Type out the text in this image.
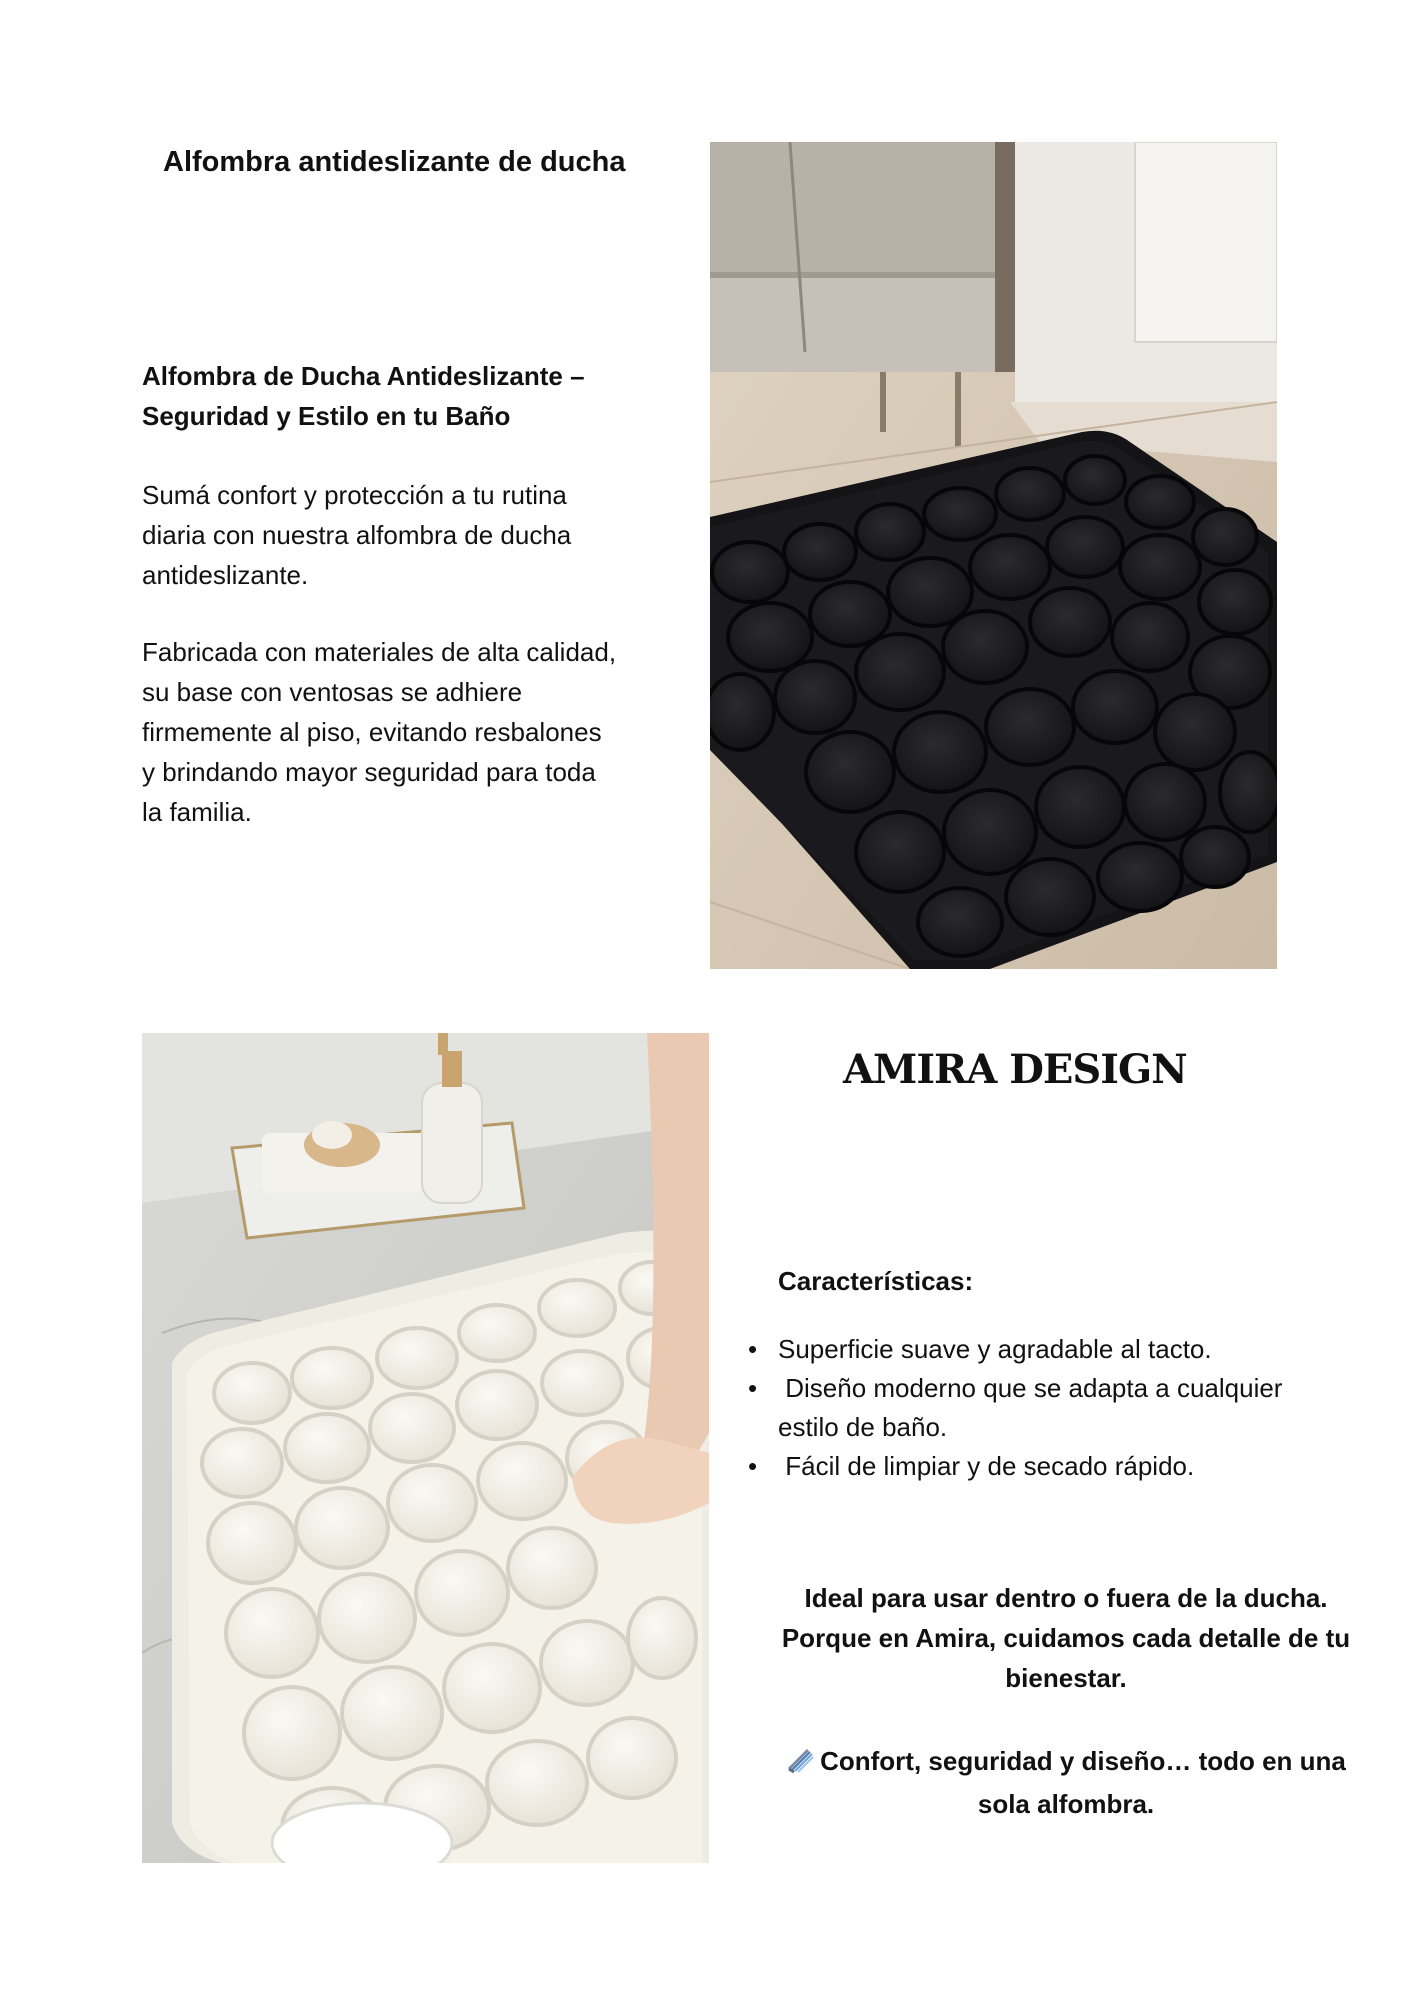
Alfombra antideslizante de ducha
Alfombra de Ducha Antideslizante –
Seguridad y Estilo en tu Baño
Sumá confort y protección a tu rutina
diaria con nuestra alfombra de ducha
antideslizante.
Fabricada con materiales de alta calidad,
su base con ventosas se adhiere
firmemente al piso, evitando resbalones
y brindando mayor seguridad para toda
la familia.
AMIRA DESIGN
Características:
• Superficie suave y agradable al tacto.
•  Diseño moderno que se adapta a cualquier estilo de baño.
•  Fácil de limpiar y de secado rápido.
Ideal para usar dentro o fuera de la ducha.
Porque en Amira, cuidamos cada detalle de tu
bienestar.
Confort, seguridad y diseño… todo en una
sola alfombra.
